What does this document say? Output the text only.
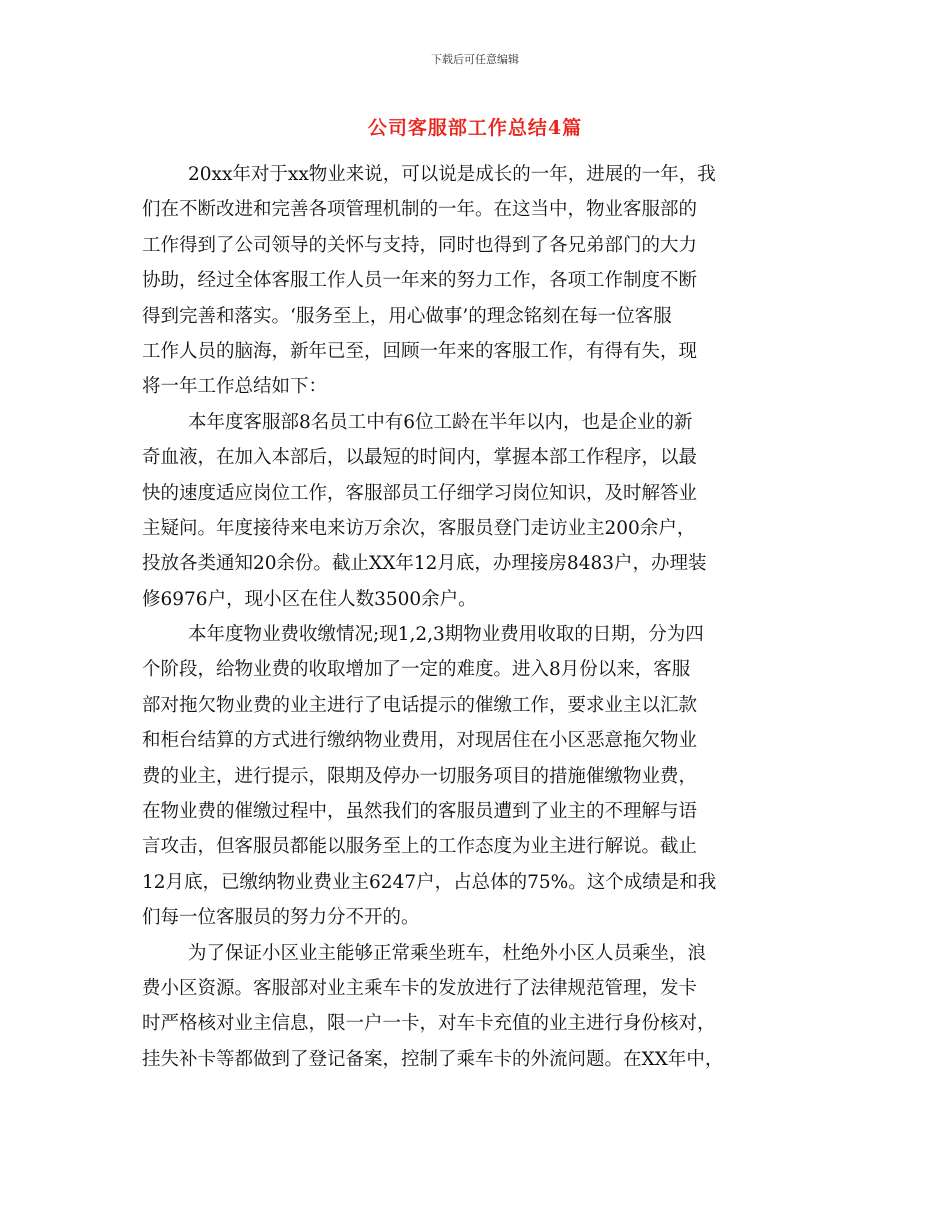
下载后可任意编辑
公司客服部工作总结4篇
20xx年对于xx物业来说，可以说是成长的一年，进展的一年，我
们在不断改进和完善各项管理机制的一年。在这当中，物业客服部的
工作得到了公司领导的关怀与支持，同时也得到了各兄弟部门的大力
协助，经过全体客服工作人员一年来的努力工作，各项工作制度不断
得到完善和落实。‘服务至上，用心做事’的理念铭刻在每一位客服
工作人员的脑海，新年已至，回顾一年来的客服工作，有得有失，现
将一年工作总结如下：
本年度客服部8名员工中有6位工龄在半年以内，也是企业的新
奇血液，在加入本部后，以最短的时间内，掌握本部工作程序，以最
快的速度适应岗位工作，客服部员工仔细学习岗位知识，及时解答业
主疑问。年度接待来电来访万余次，客服员登门走访业主200余户，
投放各类通知20余份。截止XX年12月底，办理接房8483户，办理装
修6976户，现小区在住人数3500余户。
本年度物业费收缴情况;现1,2,3期物业费用收取的日期，分为四
个阶段，给物业费的收取增加了一定的难度。进入8月份以来，客服
部对拖欠物业费的业主进行了电话提示的催缴工作，要求业主以汇款
和柜台结算的方式进行缴纳物业费用，对现居住在小区恶意拖欠物业
费的业主，进行提示，限期及停办一切服务项目的措施催缴物业费，
在物业费的催缴过程中，虽然我们的客服员遭到了业主的不理解与语
言攻击，但客服员都能以服务至上的工作态度为业主进行解说。截止
12月底，已缴纳物业费业主6247户，占总体的75%。这个成绩是和我
们每一位客服员的努力分不开的。
为了保证小区业主能够正常乘坐班车，杜绝外小区人员乘坐，浪
费小区资源。客服部对业主乘车卡的发放进行了法律规范管理，发卡
时严格核对业主信息，限一户一卡，对车卡充值的业主进行身份核对，
挂失补卡等都做到了登记备案，控制了乘车卡的外流问题。在XX年中，
